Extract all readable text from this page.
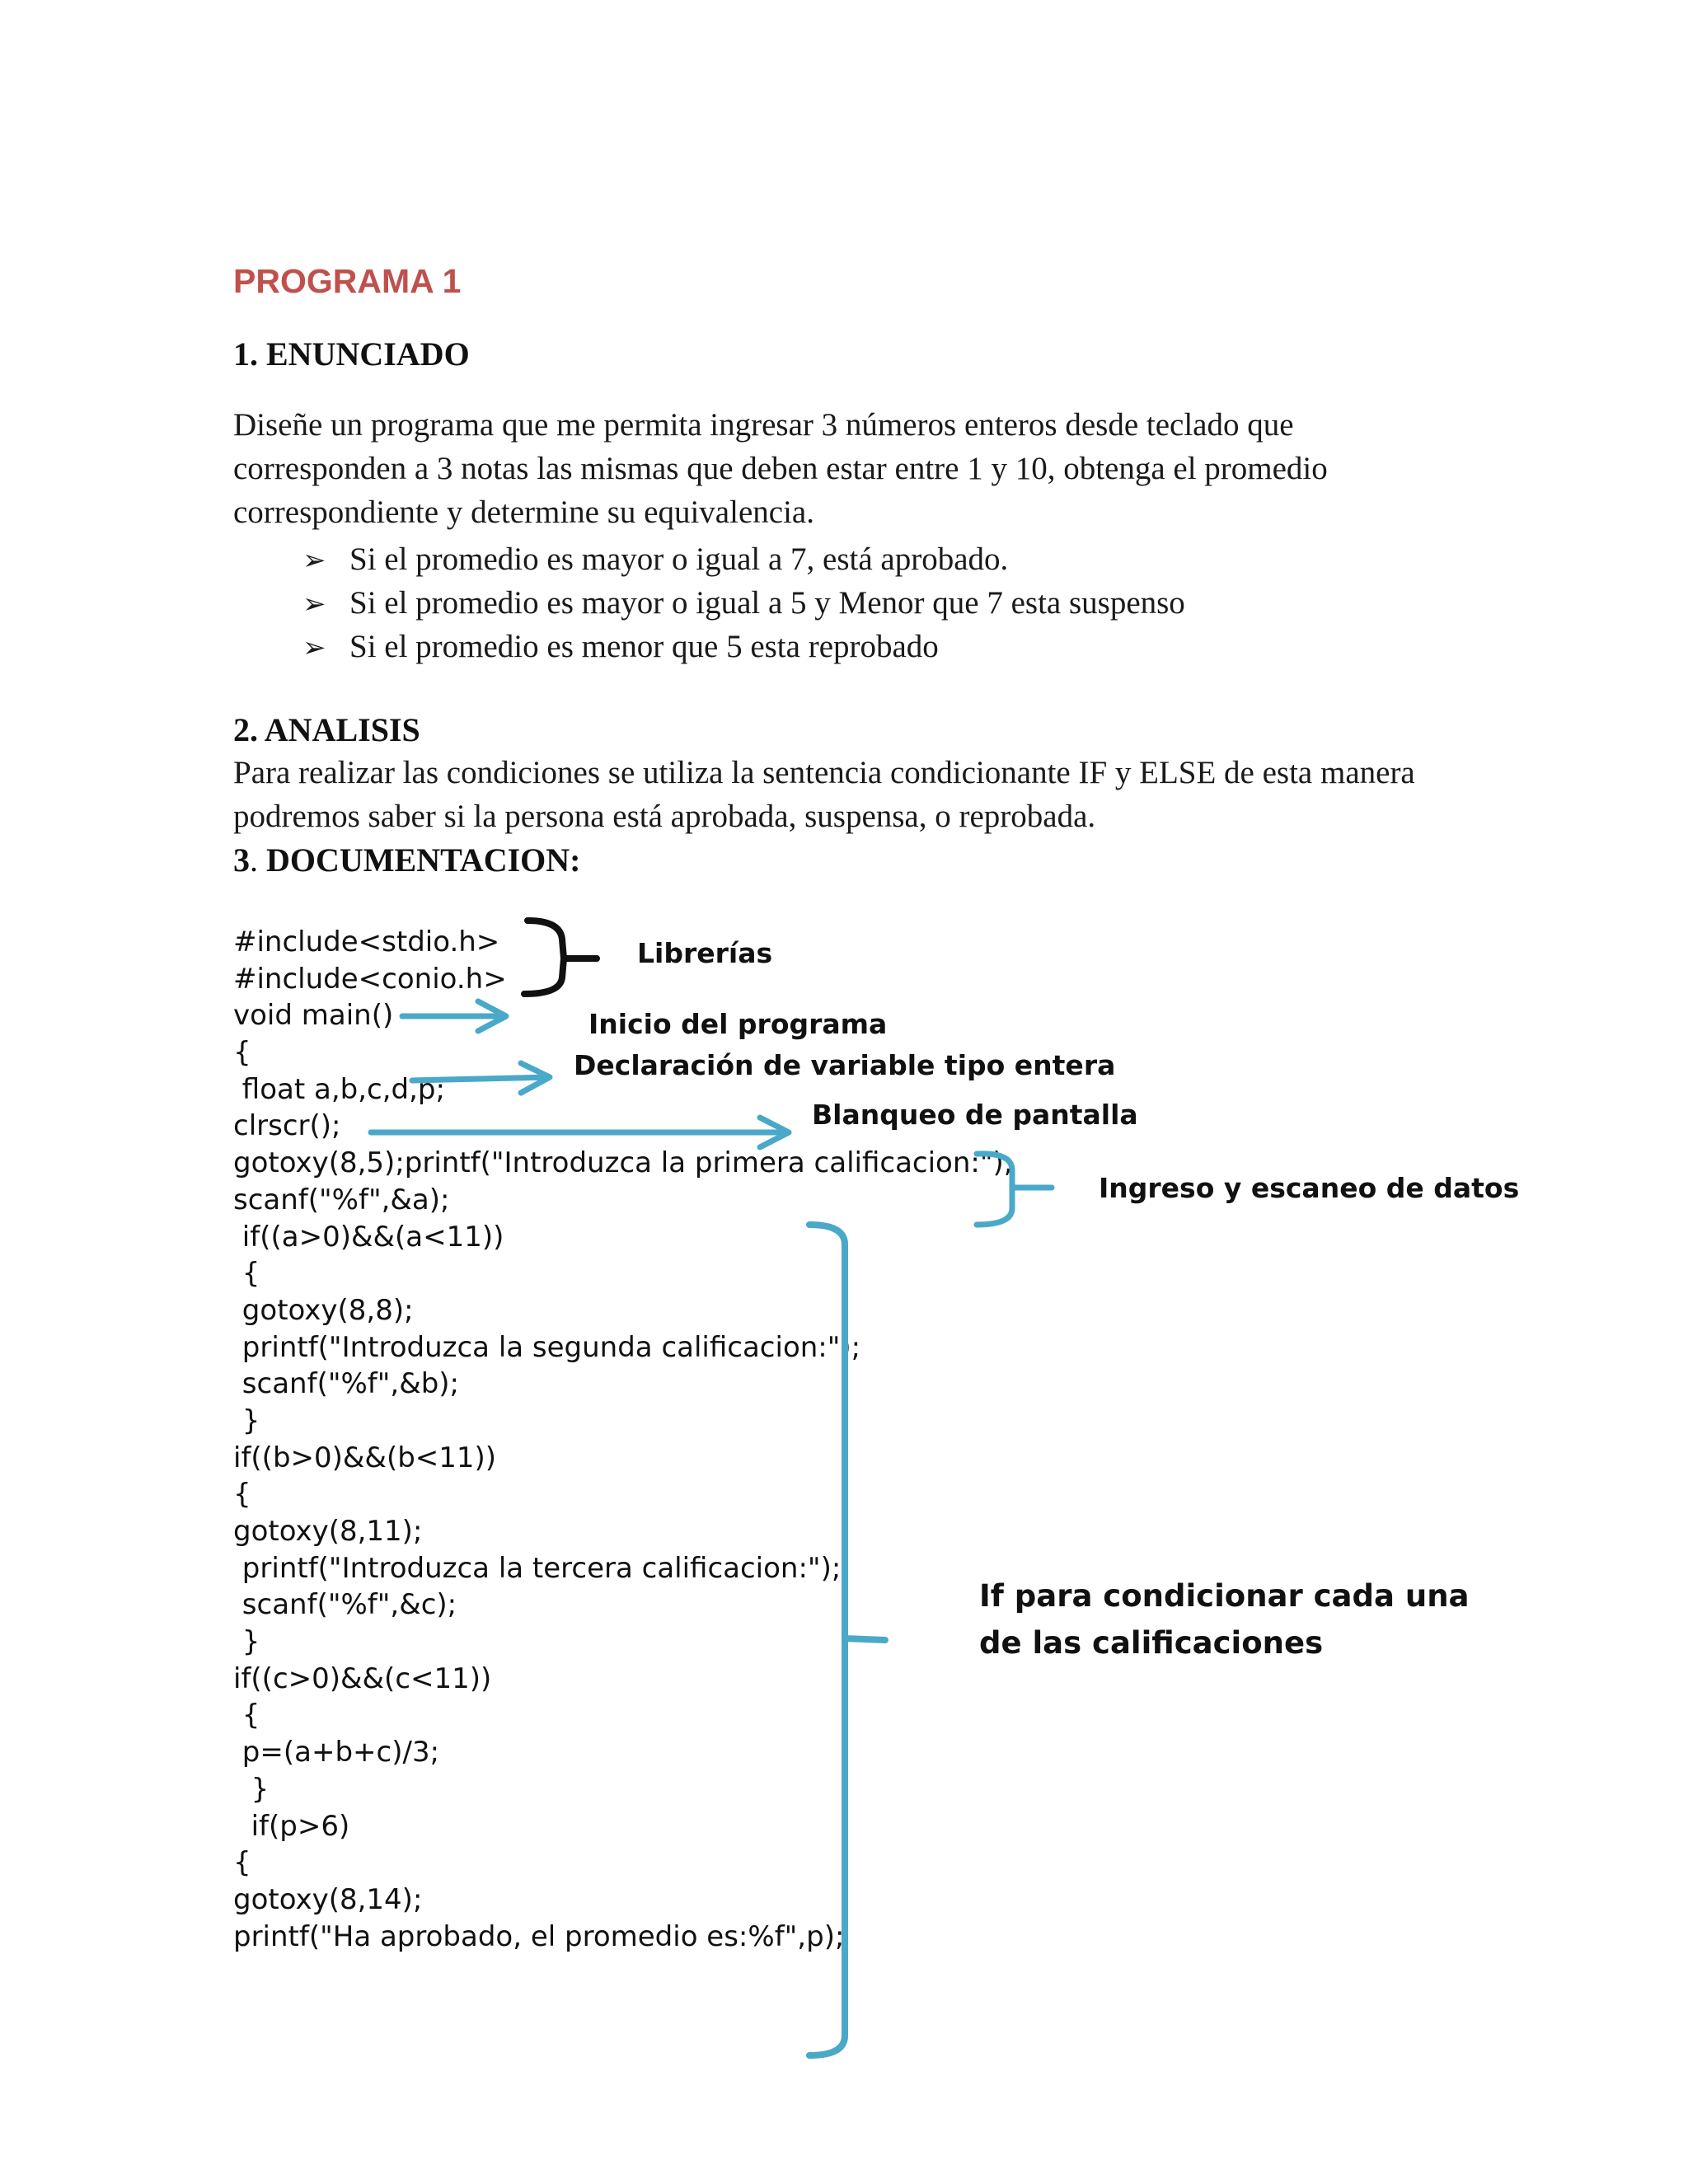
PROGRAMA 1
1. ENUNCIADO
Diseñe un programa que me permita ingresar 3 números enteros desde teclado que
corresponden a 3 notas las mismas que deben estar entre 1 y 10, obtenga el promedio
correspondiente y determine su equivalencia.
➢ Si el promedio es mayor o igual a 7, está aprobado.
➢ Si el promedio es mayor o igual a 5 y Menor que 7 esta suspenso
➢ Si el promedio es menor que 5 esta reprobado
2. ANALISIS
Para realizar las condiciones se utiliza la sentencia condicionante IF y ELSE de esta manera
podremos saber si la persona está aprobada, suspensa, o reprobada.
3. DOCUMENTACION:
#include<stdio.h>
#include<conio.h>
void main()
{
float a,b,c,d,p;
clrscr();
gotoxy(8,5);printf("Introduzca la primera calificacion:");
scanf("%f",&a);
if((a>0)&&(a<11))
{
gotoxy(8,8);
printf("Introduzca la segunda calificacion:");
scanf("%f",&b);
}
if((b>0)&&(b<11))
{
gotoxy(8,11);
printf("Introduzca la tercera calificacion:");
scanf("%f",&c);
}
if((c>0)&&(c<11))
{
p=(a+b+c)/3;
}
if(p>6)
{
gotoxy(8,14);
printf("Ha aprobado, el promedio es:%f",p);
Librerías
Inicio del programa
Declaración de variable tipo entera
Blanqueo de pantalla
Ingreso y escaneo de datos
If para condicionar cada una
de las calificaciones
